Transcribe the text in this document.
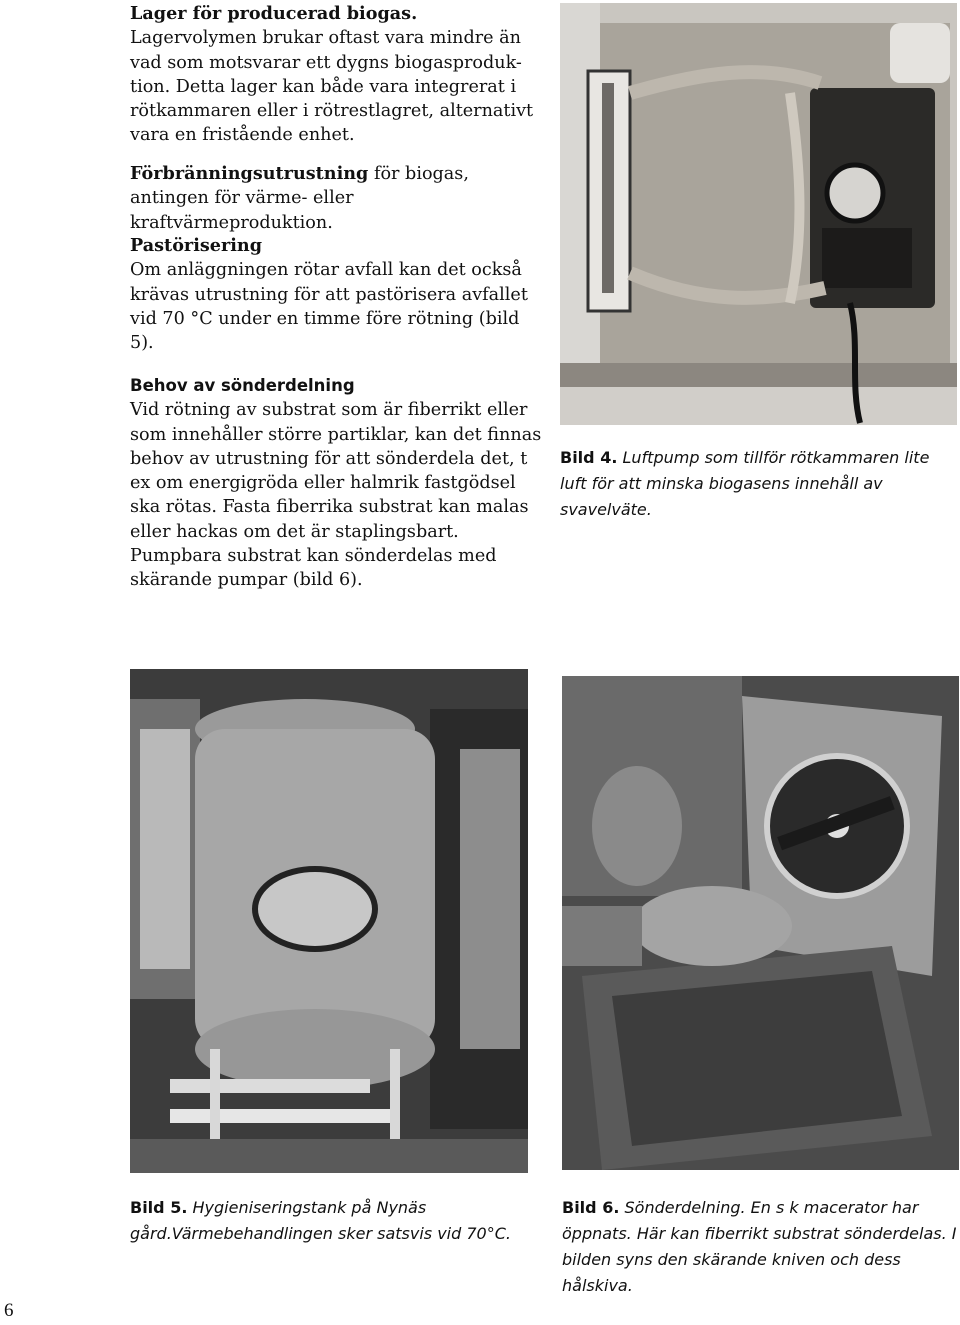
Lager för producerad biogas.
Lagervolymen brukar oftast vara mindre än vad som motsvarar ett dygns biogasproduk-tion. Detta lager kan både vara integrerat i rötkammaren eller i rötrestlagret, alternativt vara en fristående enhet.
Förbränningsutrustning för biogas, antingen för värme- eller kraftvärmeproduktion.
Pastörisering
Om anläggningen rötar avfall kan det också krävas utrustning för att pastörisera avfallet vid 70 °C under en timme före rötning (bild 5).
Behov av sönderdelning
Vid rötning av substrat som är fiberrikt eller som innehåller större partiklar, kan det finnas behov av utrustning för att sönderdela det, t ex om energigröda eller halmrik fastgödsel ska rötas. Fasta fiberrika substrat kan malas eller hackas om det är staplingsbart. Pumpbara substrat kan sönderdelas med skärande pumpar (bild 6).
Bild 4. Luftpump som tillför rötkammaren lite luft för att minska biogasens innehåll av svavelväte.
Bild 5. Hygieniseringstank på Nynäs gård.Värmebehandlingen sker satsvis vid 70°C.
Bild 6. Sönderdelning. En s k macerator har öppnats. Här kan fiberrikt substrat sönderdelas. I bilden syns den skärande kniven och dess hålskiva.
6
